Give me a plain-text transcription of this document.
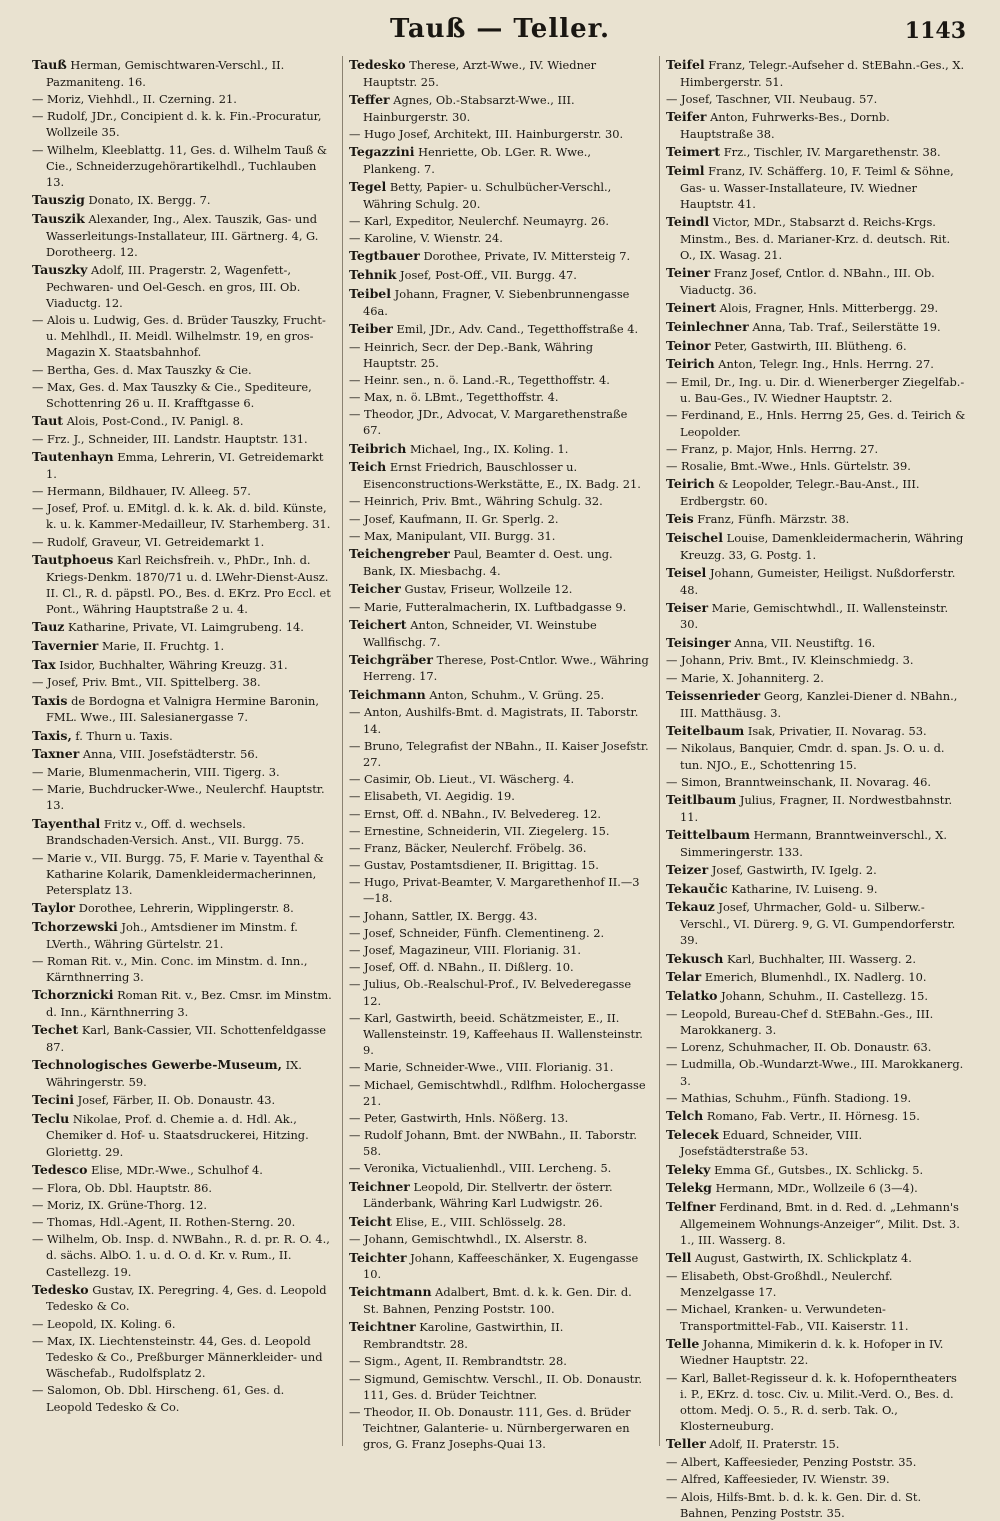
Tauß — Teller.	1143
Tauß Herman, Gemischtwaren-Verschl., II. Pazmaniteng. 16.
— Moriz, Viehhdl., II. Czerning. 21.
— Rudolf, JDr., Concipient d. k. k. Fin.-Procuratur, Wollzeile 35.
— Wilhelm, Kleeblattg. 11, Ges. d. Wilhelm Tauß & Cie., Schneiderzugehörartikelhdl., Tuchlauben 13.
Tauszig Donato, IX. Bergg. 7.
Tauszik Alexander, Ing., Alex. Tauszik, Gas- und Wasserleitungs-Installateur, III. Gärtnerg. 4, G. Dorotheerg. 12.
Tauszky Adolf, III. Pragerstr. 2, Wagenfett-, Pechwaren- und Oel-Gesch. en gros, III. Ob. Viaductg. 12.
— Alois u. Ludwig, Ges. d. Brüder Tauszky, Frucht- u. Mehlhdl., II. Meidl. Wilhelmstr. 19, en gros-Magazin X. Staatsbahnhof.
— Bertha, Ges. d. Max Tauszky & Cie.
— Max, Ges. d. Max Tauszky & Cie., Spediteure, Schottenring 26 u. II. Krafftgasse 6.
Taut Alois, Post-Cond., IV. Panigl. 8.
— Frz. J., Schneider, III. Landstr. Hauptstr. 131.
Tautenhayn Emma, Lehrerin, VI. Getreidemarkt 1.
— Hermann, Bildhauer, IV. Alleeg. 57.
— Josef, Prof. u. EMitgl. d. k. k. Ak. d. bild. Künste, k. u. k. Kammer-Medailleur, IV. Starhemberg. 31.
— Rudolf, Graveur, VI. Getreidemarkt 1.
Tautphoeus Karl Reichsfreih. v., PhDr., Inh. d. Kriegs-Denkm. 1870/71 u. d. LWehr-Dienst-Ausz. II. Cl., R. d. päpstl. PO., Bes. d. EKrz. Pro Eccl. et Pont., Währing Hauptstraße 2 u. 4.
Tauz Katharine, Private, VI. Laimgrubeng. 14.
Tavernier Marie, II. Fruchtg. 1.
Tax Isidor, Buchhalter, Währing Kreuzg. 31.
— Josef, Priv. Bmt., VII. Spittelberg. 38.
Taxis de Bordogna et Valnigra Hermine Baronin, FML. Wwe., III. Salesianergasse 7.
Taxis, f. Thurn u. Taxis.
Taxner Anna, VIII. Josefstädterstr. 56.
— Marie, Blumenmacherin, VIII. Tigerg. 3.
— Marie, Buchdrucker-Wwe., Neulerchf. Hauptstr. 13.
Tayenthal Fritz v., Off. d. wechsels. Brandschaden-Versich. Anst., VII. Burgg. 75.
— Marie v., VII. Burgg. 75, F. Marie v. Tayenthal & Katharine Kolarik, Damenkleidermacherinnen, Petersplatz 13.
Taylor Dorothee, Lehrerin, Wipplingerstr. 8.
Tchorzewski Joh., Amtsdiener im Minstm. f. LVerth., Währing Gürtelstr. 21.
— Roman Rit. v., Min. Conc. im Minstm. d. Inn., Kärnthnerring 3.
Tchorznicki Roman Rit. v., Bez. Cmsr. im Minstm. d. Inn., Kärnthnerring 3.
Techet Karl, Bank-Cassier, VII. Schottenfeldgasse 87.
Technologisches Gewerbe-Museum, IX. Währingerstr. 59.
Tecini Josef, Färber, II. Ob. Donaustr. 43.
Teclu Nikolae, Prof. d. Chemie a. d. Hdl. Ak., Chemiker d. Hof- u. Staatsdruckerei, Hitzing. Gloriettg. 29.
Tedesco Elise, MDr.-Wwe., Schulhof 4.
— Flora, Ob. Dbl. Hauptstr. 86.
— Moriz, IX. Grüne-Thorg. 12.
— Thomas, Hdl.-Agent, II. Rothen-Sterng. 20.
— Wilhelm, Ob. Insp. d. NWBahn., R. d. pr. R. O. 4., d. sächs. AlbO. 1. u. d. O. d. Kr. v. Rum., II. Castellezg. 19.
Tedesko Gustav, IX. Peregring. 4, Ges. d. Leopold Tedesko & Co.
— Leopold, IX. Koling. 6.
— Max, IX. Liechtensteinstr. 44, Ges. d. Leopold Tedesko & Co., Preßburger Männerkleider- und Wäschefab., Rudolfsplatz 2.
— Salomon, Ob. Dbl. Hirscheng. 61, Ges. d. Leopold Tedesko & Co.
Tedesko Therese, Arzt-Wwe., IV. Wiedner Hauptstr. 25.
Teffer Agnes, Ob.-Stabsarzt-Wwe., III. Hainburgerstr. 30.
— Hugo Josef, Architekt, III. Hainburgerstr. 30.
Tegazzini Henriette, Ob. LGer. R. Wwe., Plankeng. 7.
Tegel Betty, Papier- u. Schulbücher-Verschl., Währing Schulg. 20.
— Karl, Expeditor, Neulerchf. Neumayrg. 26.
— Karoline, V. Wienstr. 24.
Tegtbauer Dorothee, Private, IV. Mittersteig 7.
Tehnik Josef, Post-Off., VII. Burgg. 47.
Teibel Johann, Fragner, V. Siebenbrunnengasse 46a.
Teiber Emil, JDr., Adv. Cand., Tegetthoffstraße 4.
— Heinrich, Secr. der Dep.-Bank, Währing Hauptstr. 25.
— Heinr. sen., n. ö. Land.-R., Tegetthoffstr. 4.
— Max, n. ö. LBmt., Tegetthoffstr. 4.
— Theodor, JDr., Advocat, V. Margarethenstraße 67.
Teibrich Michael, Ing., IX. Koling. 1.
Teich Ernst Friedrich, Bauschlosser u. Eisenconstructions-Werkstätte, E., IX. Badg. 21.
— Heinrich, Priv. Bmt., Währing Schulg. 32.
— Josef, Kaufmann, II. Gr. Sperlg. 2.
— Max, Manipulant, VII. Burgg. 31.
Teichengreber Paul, Beamter d. Oest. ung. Bank, IX. Miesbachg. 4.
Teicher Gustav, Friseur, Wollzeile 12.
— Marie, Futteralmacherin, IX. Luftbadgasse 9.
Teichert Anton, Schneider, VI. Weinstube Wallfischg. 7.
Teichgräber Therese, Post-Cntlor. Wwe., Währing Herreng. 17.
Teichmann Anton, Schuhm., V. Grüng. 25.
— Anton, Aushilfs-Bmt. d. Magistrats, II. Taborstr. 14.
— Bruno, Telegrafist der NBahn., II. Kaiser Josefstr. 27.
— Casimir, Ob. Lieut., VI. Wäscherg. 4.
— Elisabeth, VI. Aegidig. 19.
— Ernst, Off. d. NBahn., IV. Belvedereg. 12.
— Ernestine, Schneiderin, VII. Ziegelerg. 15.
— Franz, Bäcker, Neulerchf. Fröbelg. 36.
— Gustav, Postamtsdiener, II. Brigittag. 15.
— Hugo, Privat-Beamter, V. Margarethenhof II.—3—18.
— Johann, Sattler, IX. Bergg. 43.
— Josef, Schneider, Fünfh. Clementineng. 2.
— Josef, Magazineur, VIII. Florianig. 31.
— Josef, Off. d. NBahn., II. Dißlerg. 10.
— Julius, Ob.-Realschul-Prof., IV. Belvederegasse 12.
— Karl, Gastwirth, beeid. Schätzmeister, E., II. Wallensteinstr. 19, Kaffeehaus II. Wallensteinstr. 9.
— Marie, Schneider-Wwe., VIII. Florianig. 31.
— Michael, Gemischtwhdl., Rdlfhm. Holochergasse 21.
— Peter, Gastwirth, Hnls. Nößerg. 13.
— Rudolf Johann, Bmt. der NWBahn., II. Taborstr. 58.
— Veronika, Victualienhdl., VIII. Lercheng. 5.
Teichner Leopold, Dir. Stellvertr. der österr. Länderbank, Währing Karl Ludwigstr. 26.
Teicht Elise, E., VIII. Schlösselg. 28.
— Johann, Gemischtwhdl., IX. Alserstr. 8.
Teichter Johann, Kaffeeschänker, X. Eugengasse 10.
Teichtmann Adalbert, Bmt. d. k. k. Gen. Dir. d. St. Bahnen, Penzing Poststr. 100.
Teichtner Karoline, Gastwirthin, II. Rembrandtstr. 28.
— Sigm., Agent, II. Rembrandtstr. 28.
— Sigmund, Gemischtw. Verschl., II. Ob. Donaustr. 111, Ges. d. Brüder Teichtner.
— Theodor, II. Ob. Donaustr. 111, Ges. d. Brüder Teichtner, Galanterie- u. Nürnbergerwaren en gros, G. Franz Josephs-Quai 13.
Teifel Franz, Telegr.-Aufseher d. StEBahn.-Ges., X. Himbergerstr. 51.
— Josef, Taschner, VII. Neubaug. 57.
Teifer Anton, Fuhrwerks-Bes., Dornb. Hauptstraße 38.
Teimert Frz., Tischler, IV. Margarethenstr. 38.
Teiml Franz, IV. Schäfferg. 10, F. Teiml & Söhne, Gas- u. Wasser-Installateure, IV. Wiedner Hauptstr. 41.
Teindl Victor, MDr., Stabsarzt d. Reichs-Krgs. Minstm., Bes. d. Marianer-Krz. d. deutsch. Rit. O., IX. Wasag. 21.
Teiner Franz Josef, Cntlor. d. NBahn., III. Ob. Viaductg. 36.
Teinert Alois, Fragner, Hnls. Mitterbergg. 29.
Teinlechner Anna, Tab. Traf., Seilerstätte 19.
Teinor Peter, Gastwirth, III. Blütheng. 6.
Teirich Anton, Telegr. Ing., Hnls. Herrng. 27.
— Emil, Dr., Ing. u. Dir. d. Wienerberger Ziegelfab.- u. Bau-Ges., IV. Wiedner Hauptstr. 2.
— Ferdinand, E., Hnls. Herrng 25, Ges. d. Teirich & Leopolder.
— Franz, p. Major, Hnls. Herrng. 27.
— Rosalie, Bmt.-Wwe., Hnls. Gürtelstr. 39.
Teirich & Leopolder, Telegr.-Bau-Anst., III. Erdbergstr. 60.
Teis Franz, Fünfh. Märzstr. 38.
Teischel Louise, Damenkleidermacherin, Währing Kreuzg. 33, G. Postg. 1.
Teisel Johann, Gumeister, Heiligst. Nußdorferstr. 48.
Teiser Marie, Gemischtwhdl., II. Wallensteinstr. 30.
Teisinger Anna, VII. Neustiftg. 16.
— Johann, Priv. Bmt., IV. Kleinschmiedg. 3.
— Marie, X. Johanniterg. 2.
Teissenrieder Georg, Kanzlei-Diener d. NBahn., III. Matthäusg. 3.
Teitelbaum Isak, Privatier, II. Novarag. 53.
— Nikolaus, Banquier, Cmdr. d. span. Js. O. u. d. tun. NJO., E., Schottenring 15.
— Simon, Branntweinschank, II. Novarag. 46.
Teitlbaum Julius, Fragner, II. Nordwestbahnstr. 11.
Teittelbaum Hermann, Branntweinverschl., X. Simmeringerstr. 133.
Teizer Josef, Gastwirth, IV. Igelg. 2.
Tekaučic Katharine, IV. Luiseng. 9.
Tekauz Josef, Uhrmacher, Gold- u. Silberw.-Verschl., VI. Dürerg. 9, G. VI. Gumpendorferstr. 39.
Tekusch Karl, Buchhalter, III. Wasserg. 2.
Telar Emerich, Blumenhdl., IX. Nadlerg. 10.
Telatko Johann, Schuhm., II. Castellezg. 15.
— Leopold, Bureau-Chef d. StEBahn.-Ges., III. Marokkanerg. 3.
— Lorenz, Schuhmacher, II. Ob. Donaustr. 63.
— Ludmilla, Ob.-Wundarzt-Wwe., III. Marokkanerg. 3.
— Mathias, Schuhm., Fünfh. Stadiong. 19.
Telch Romano, Fab. Vertr., II. Hörnesg. 15.
Telecek Eduard, Schneider, VIII. Josefstädterstraße 53.
Teleky Emma Gf., Gutsbes., IX. Schlickg. 5.
Telekg Hermann, MDr., Wollzeile 6 (3—4).
Telfner Ferdinand, Bmt. in d. Red. d. „Lehmann's Allgemeinem Wohnungs-Anzeiger“, Milit. Dst. 3. 1., III. Wasserg. 8.
Tell August, Gastwirth, IX. Schlickplatz 4.
— Elisabeth, Obst-Großhdl., Neulerchf. Menzelgasse 17.
— Michael, Kranken- u. Verwundeten-Transportmittel-Fab., VII. Kaiserstr. 11.
Telle Johanna, Mimikerin d. k. k. Hofoper in IV. Wiedner Hauptstr. 22.
— Karl, Ballet-Regisseur d. k. k. Hofoperntheaters i. P., EKrz. d. tosc. Civ. u. Milit.-Verd. O., Bes. d. ottom. Medj. O. 5., R. d. serb. Tak. O., Klosterneuburg.
Teller Adolf, II. Praterstr. 15.
— Albert, Kaffeesieder, Penzing Poststr. 35.
— Alfred, Kaffeesieder, IV. Wienstr. 39.
— Alois, Hilfs-Bmt. b. d. k. k. Gen. Dir. d. St. Bahnen, Penzing Poststr. 35.
